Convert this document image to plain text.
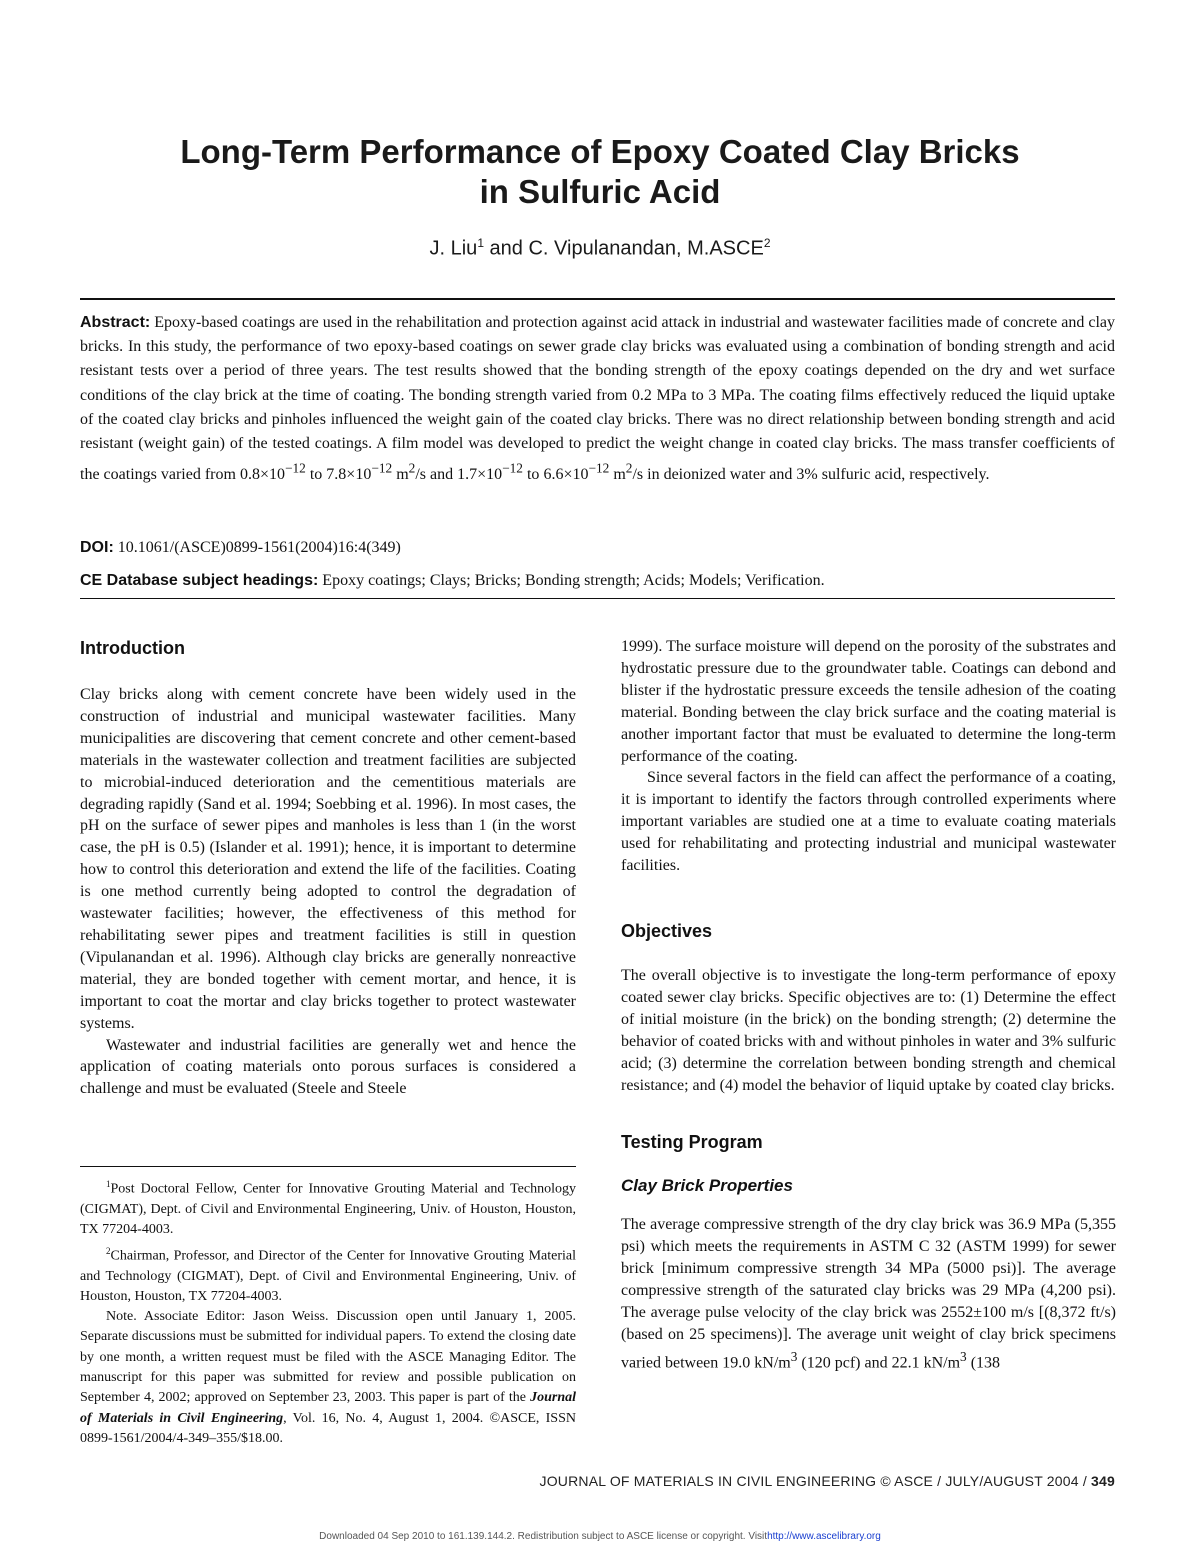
Long-Term Performance of Epoxy Coated Clay Bricks
in Sulfuric Acid
J. Liu$^1$ and C. Vipulanandan, M.ASCE$^2$
Abstract: Epoxy-based coatings are used in the rehabilitation and protection against acid attack in industrial and wastewater facilities made of concrete and clay bricks. In this study, the performance of two epoxy-based coatings on sewer grade clay bricks was evaluated using a combination of bonding strength and acid resistant tests over a period of three years. The test results showed that the bonding strength of the epoxy coatings depended on the dry and wet surface conditions of the clay brick at the time of coating. The bonding strength varied from 0.2 MPa to 3 MPa. The coating films effectively reduced the liquid uptake of the coated clay bricks and pinholes influenced the weight gain of the coated clay bricks. There was no direct relationship between bonding strength and acid resistant (weight gain) of the tested coatings. A film model was developed to predict the weight change in coated clay bricks. The mass transfer coefficients of the coatings varied from $0.8\times 10^{-12}$ to $7.8\times 10^{-12}$ $m^2/s$ and $1.7\times 10^{-12}$ to $6.6\times 10^{-12}$ $m^2/s$ in deionized water and 3% sulfuric acid, respectively.
DOI: 10.1061/(ASCE)0899-1561(2004)16:4(349)
CE Database subject headings: Epoxy coatings; Clays; Bricks; Bonding strength; Acids; Models; Verification.
Introduction

Clay bricks along with cement concrete have been widely used in the construction of industrial and municipal wastewater facilities. Many municipalities are discovering that cement concrete and other cement-based materials in the wastewater collection and treatment facilities are subjected to microbial-induced deterioration and the cementitious materials are degrading rapidly (Sand et al. 1994; Soebbing et al. 1996). In most cases, the pH on the surface of sewer pipes and manholes is less than 1 (in the worst case, the pH is 0.5) (Islander et al. 1991); hence, it is important to determine how to control this deterioration and extend the life of the facilities. Coating is one method currently being adopted to control the degradation of wastewater facilities; however, the effectiveness of this method for rehabilitating sewer pipes and treatment facilities is still in question (Vipulanandan et al. 1996). Although clay bricks are generally nonreactive material, they are bonded together with cement mortar, and hence, it is important to coat the mortar and clay bricks together to protect wastewater systems.

Wastewater and industrial facilities are generally wet and hence the application of coating materials onto porous surfaces is considered a challenge and must be evaluated (Steele and Steele

$^1$Post Doctoral Fellow, Center for Innovative Grouting Material and Technology (CIGMAT), Dept. of Civil and Environmental Engineering, Univ. of Houston, Houston, TX 77204-4003.

$^2$Chairman, Professor, and Director of the Center for Innovative Grouting Material and Technology (CIGMAT), Dept. of Civil and Environmental Engineering, Univ. of Houston, Houston, TX 77204-4003.

Note. Associate Editor: Jason Weiss. Discussion open until January 1, 2005. Separate discussions must be submitted for individual papers. To extend the closing date by one month, a written request must be filed with the ASCE Managing Editor. The manuscript for this paper was submitted for review and possible publication on September 4, 2002; approved on September 23, 2003. This paper is part of the Journal of Materials in Civil Engineering, Vol. 16, No. 4, August 1, 2004. ©ASCE, ISSN 0899-1561/2004/4-349–355/$18.00.

1999). The surface moisture will depend on the porosity of the substrates and hydrostatic pressure due to the groundwater table. Coatings can debond and blister if the hydrostatic pressure exceeds the tensile adhesion of the coating material. Bonding between the clay brick surface and the coating material is another important factor that must be evaluated to determine the long-term performance of the coating.

Since several factors in the field can affect the performance of a coating, it is important to identify the factors through controlled experiments where important variables are studied one at a time to evaluate coating materials used for rehabilitating and protecting industrial and municipal wastewater facilities.

Objectives

The overall objective is to investigate the long-term performance of epoxy coated sewer clay bricks. Specific objectives are to: (1) Determine the effect of initial moisture (in the brick) on the bonding strength; (2) determine the behavior of coated bricks with and without pinholes in water and 3% sulfuric acid; (3) determine the correlation between bonding strength and chemical resistance; and (4) model the behavior of liquid uptake by coated clay bricks.

Testing Program
Clay Brick Properties

The average compressive strength of the dry clay brick was 36.9 MPa (5,355 psi) which meets the requirements in ASTM C 32 (ASTM 1999) for sewer brick [minimum compressive strength 34 MPa (5000 psi)]. The average compressive strength of the saturated clay bricks was 29 MPa (4,200 psi). The average pulse velocity of the clay brick was 2552±100 m/s [(8,372 ft/s) (based on 25 specimens)]. The average unit weight of clay brick specimens varied between 19.0 $kN/m^3$ (120 pcf) and 22.1 $kN/m^3$ (138

JOURNAL OF MATERIALS IN CIVIL ENGINEERING © ASCE / JULY/AUGUST 2004 / 349
Downloaded 04 Sep 2010 to 161.139.144.2. Redistribution subject to ASCE license or copyright. Visithttp://www.ascelibrary.org
